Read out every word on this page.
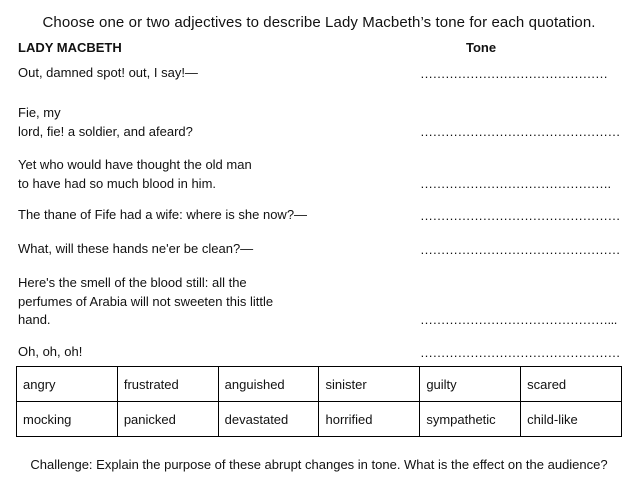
Choose one or two adjectives to describe Lady Macbeth’s tone for each quotation.
LADY MACBETH	Tone
Out, damned spot! out, I say!—	………………………………………
Fie, my
lord, fie! a soldier, and afeard?	…………………………………………
Yet who would have thought the old man
to have had so much blood in him.	……………………………………….
The thane of Fife had a wife: where is she now?—	…………………………………………
What, will these hands ne'er be clean?—	…………………………………………
Here's the smell of the blood still: all the
perfumes of Arabia will not sweeten this little
hand.	………………………………………...
Oh, oh, oh!	…………………………………………
angry	frustrated	anguished	sinister	guilty	scared
mocking	panicked	devastated	horrified	sympathetic	child-like
Challenge: Explain the purpose of these abrupt changes in tone. What is the effect on the audience?
